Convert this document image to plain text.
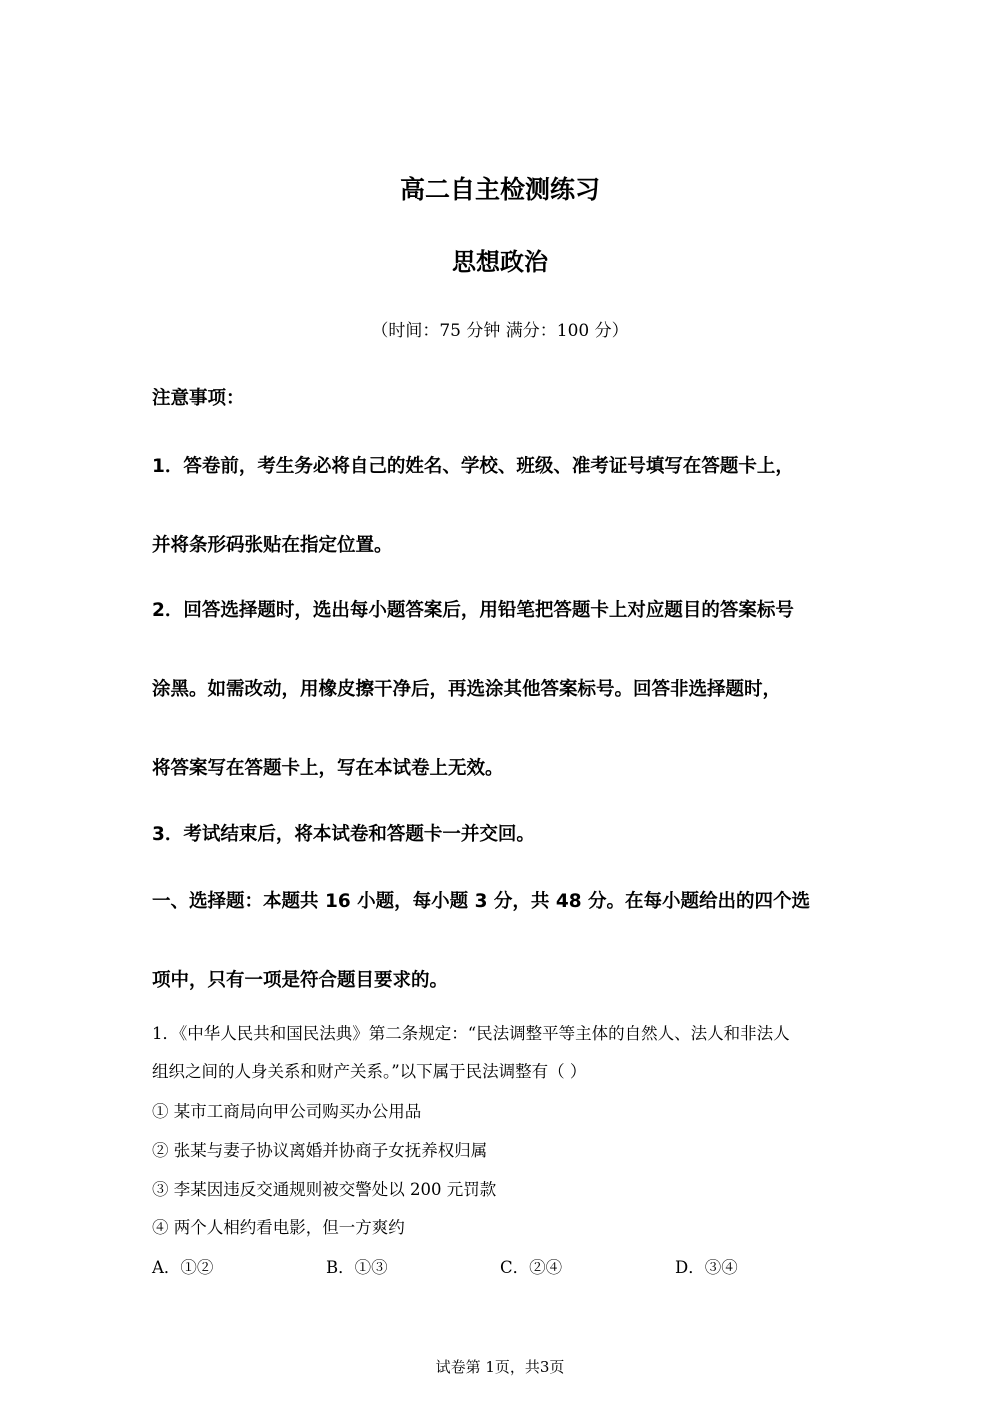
高二自主检测练习
思想政治
（时间：75 分钟 满分：100 分）
注意事项：
1．答卷前，考生务必将自己的姓名、学校、班级、准考证号填写在答题卡上，
并将条形码张贴在指定位置。
2．回答选择题时，选出每小题答案后，用铅笔把答题卡上对应题目的答案标号
涂黑。如需改动，用橡皮擦干净后，再选涂其他答案标号。回答非选择题时，
将答案写在答题卡上，写在本试卷上无效。
3．考试结束后，将本试卷和答题卡一并交回。
一、选择题：本题共 16 小题，每小题 3 分，共 48 分。在每小题给出的四个选
项中，只有一项是符合题目要求的。
1．《中华人民共和国民法典》第二条规定：“民法调整平等主体的自然人、法人和非法人
组织之间的人身关系和财产关系。”以下属于民法调整有（ ）
① 某市工商局向甲公司购买办公用品
② 张某与妻子协议离婚并协商子女抚养权归属
③ 李某因违反交通规则被交警处以 200 元罚款
④ 两个人相约看电影，但一方爽约
A．①②	B．①③	C．②④	D．③④
试卷第 1页，共3页
